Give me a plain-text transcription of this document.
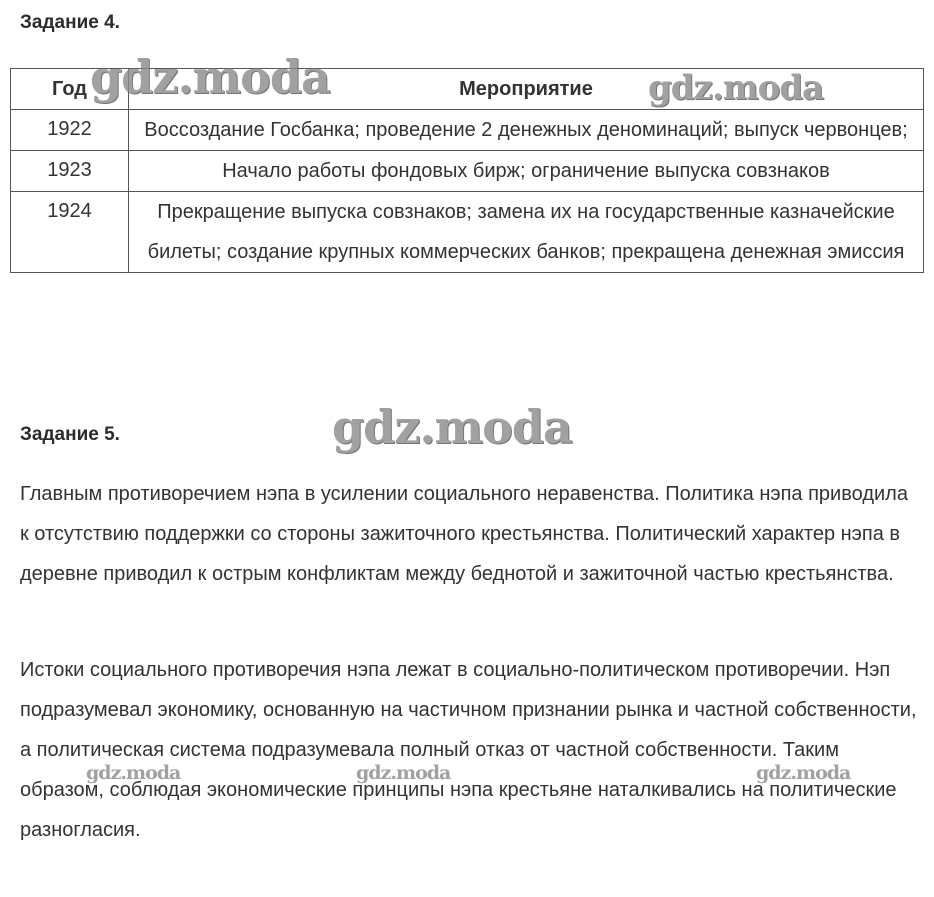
Задание 4.
Год	Мероприятие
1922	Воссоздание Госбанка; проведение 2 денежных деноминаций; выпуск червонцев;
1923	Начало работы фондовых бирж; ограничение выпуска совзнаков
1924	Прекращение выпуска совзнаков; замена их на государственные казначейские билеты; создание крупных коммерческих банков; прекращена денежная эмиссия
Задание 5.
Главным противоречием нэпа в усилении социального неравенства. Политика нэпа приводила к отсутствию поддержки со стороны зажиточного крестьянства. Политический характер нэпа в деревне приводил к острым конфликтам между беднотой и зажиточной частью крестьянства.
Истоки социального противоречия нэпа лежат в социально-политическом противоречии. Нэп подразумевал экономику, основанную на частичном признании рынка и частной собственности, а политическая система подразумевала полный отказ от частной собственности. Таким образом, соблюдая экономические принципы нэпа крестьяне наталкивались на политические разногласия.
gdz.moda	gdz.moda
gdz.moda
gdz.moda	gdz.moda	gdz.moda
